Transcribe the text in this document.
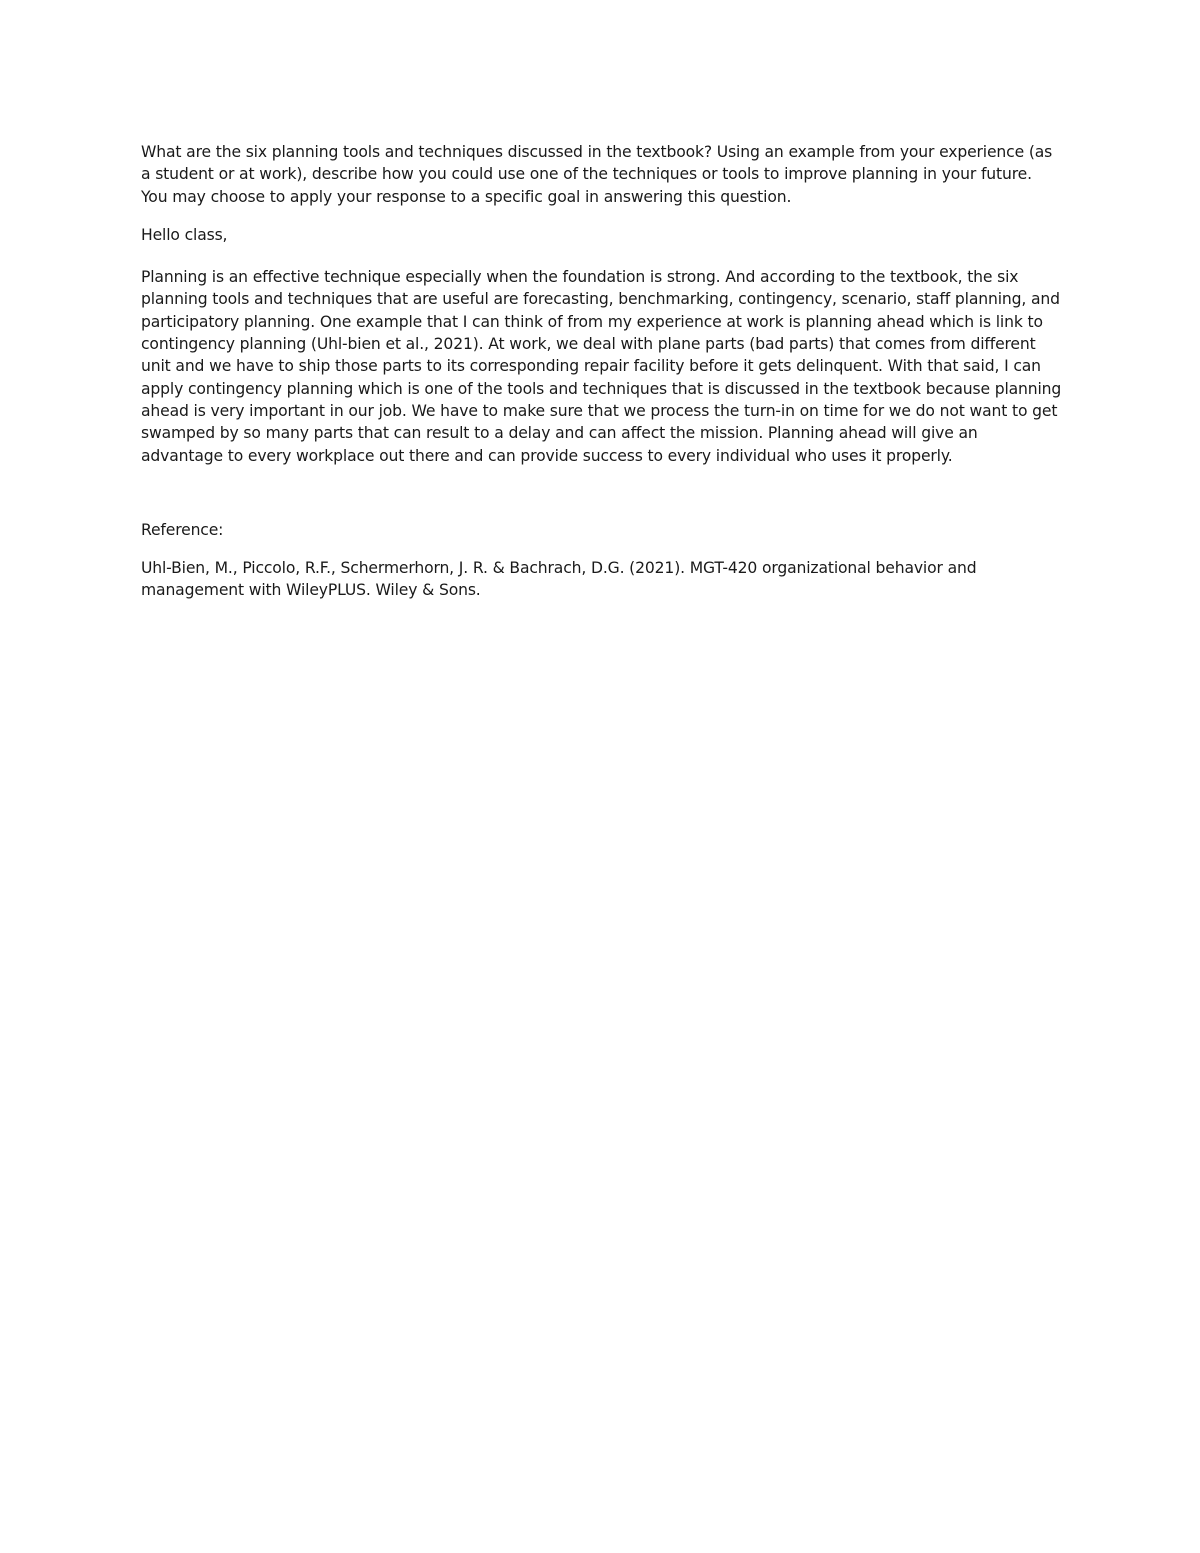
What are the six planning tools and techniques discussed in the textbook? Using an example from your experience (as a student or at work), describe how you could use one of the techniques or tools to improve planning in your future. You may choose to apply your response to a specific goal in answering this question.

Hello class,

Planning is an effective technique especially when the foundation is strong. And according to the textbook, the six planning tools and techniques that are useful are forecasting, benchmarking, contingency, scenario, staff planning, and participatory planning. One example that I can think of from my experience at work is planning ahead which is link to contingency planning (Uhl-bien et al., 2021). At work, we deal with plane parts (bad parts) that comes from different unit and we have to ship those parts to its corresponding repair facility before it gets delinquent. With that said, I can apply contingency planning which is one of the tools and techniques that is discussed in the textbook because planning ahead is very important in our job. We have to make sure that we process the turn-in on time for we do not want to get swamped by so many parts that can result to a delay and can affect the mission. Planning ahead will give an advantage to every workplace out there and can provide success to every individual who uses it properly.

Reference:

Uhl-Bien, M., Piccolo, R.F., Schermerhorn, J. R. & Bachrach, D.G. (2021). MGT-420 organizational behavior and management with WileyPLUS. Wiley & Sons.
